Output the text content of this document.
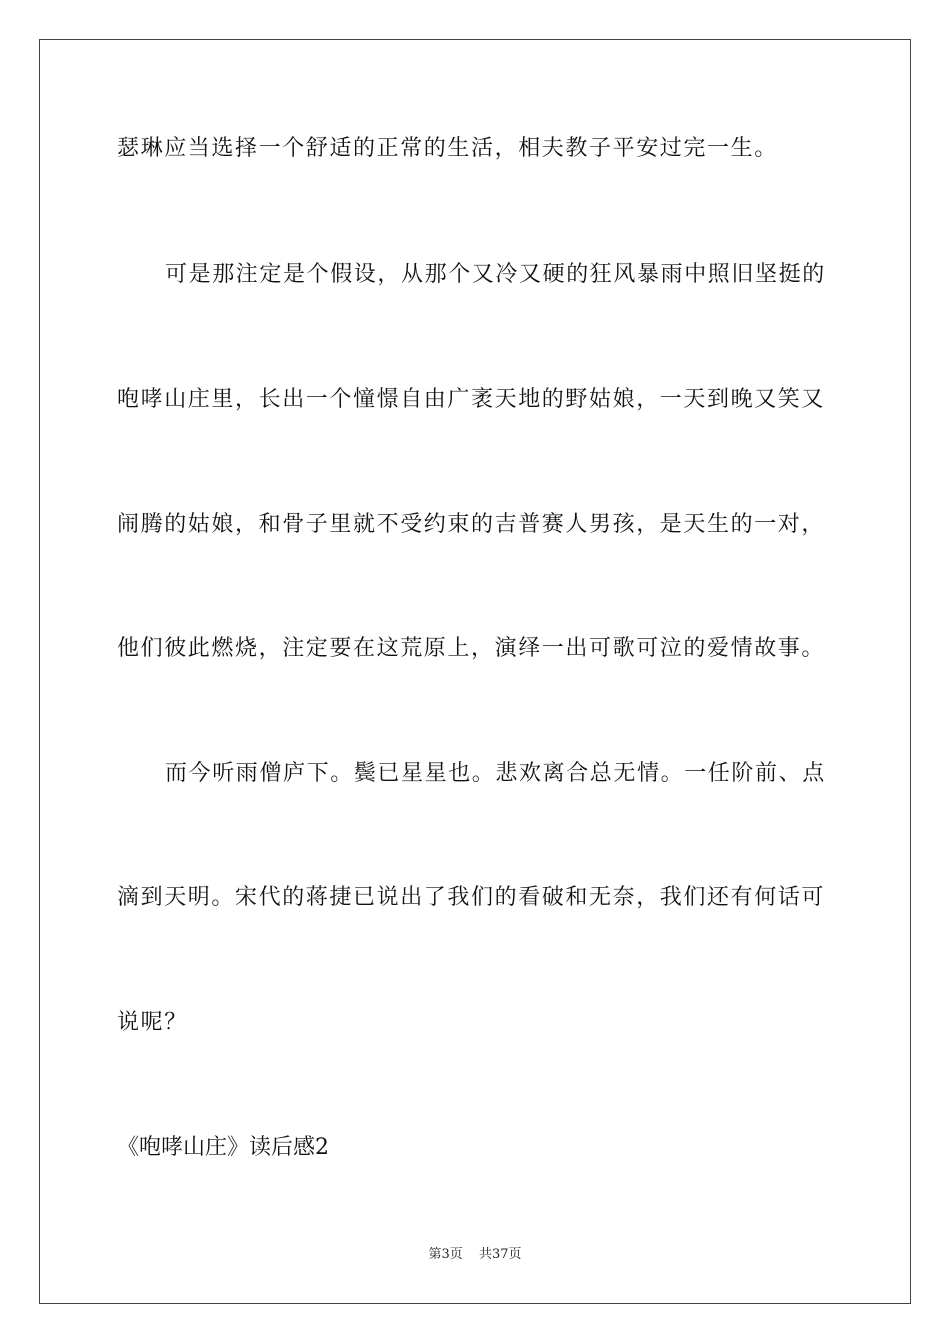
瑟琳应当选择一个舒适的正常的生活，相夫教子平安过完一生。
可是那注定是个假设，从那个又冷又硬的狂风暴雨中照旧坚挺的
咆哮山庄里，长出一个憧憬自由广袤天地的野姑娘，一天到晚又笑又
闹腾的姑娘，和骨子里就不受约束的吉普赛人男孩，是天生的一对，
他们彼此燃烧，注定要在这荒原上，演绎一出可歌可泣的爱情故事。
而今听雨僧庐下。鬓已星星也。悲欢离合总无情。一任阶前、点
滴到天明。宋代的蒋捷已说出了我们的看破和无奈，我们还有何话可
说呢？
《咆哮山庄》读后感2
第3页 共37页
